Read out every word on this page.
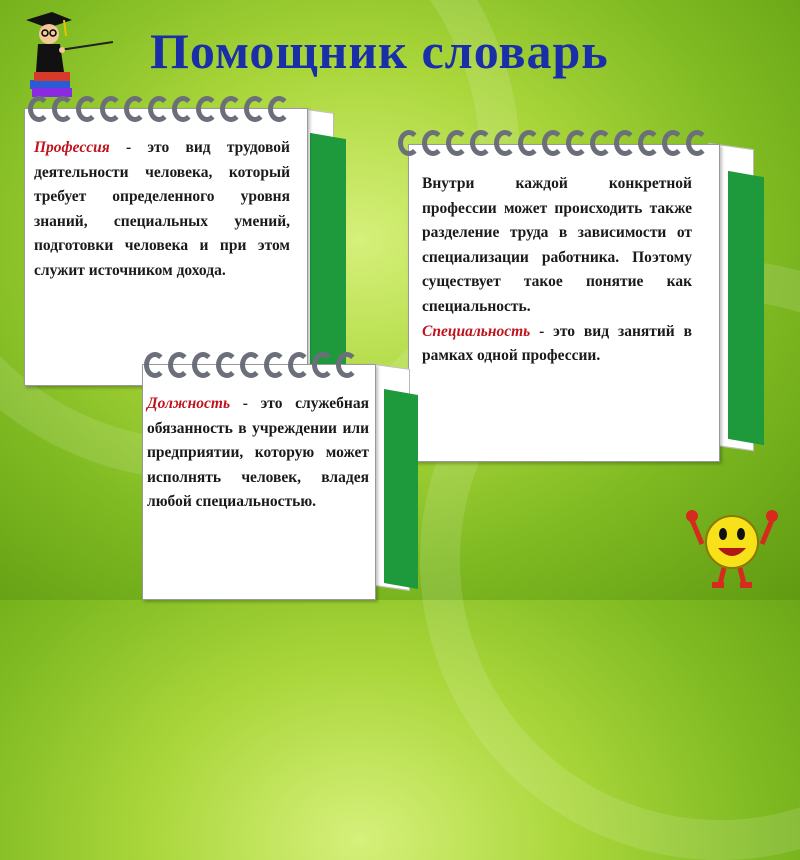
Помощник словарь
Профессия - это вид трудовой деятельности человека, который требует определенного уровня знаний, специальных умений, подготовки человека и при этом служит источником дохода.
Внутри каждой конкретной профессии может происходить также разделение труда в зависимости от специализации работника. Поэтому существует такое понятие как специальность.
Специальность - это вид занятий в рамках одной профессии.
Должность - это служебная обязанность в учреждении или предприятии, которую может исполнять человек, владея любой специальностью.
